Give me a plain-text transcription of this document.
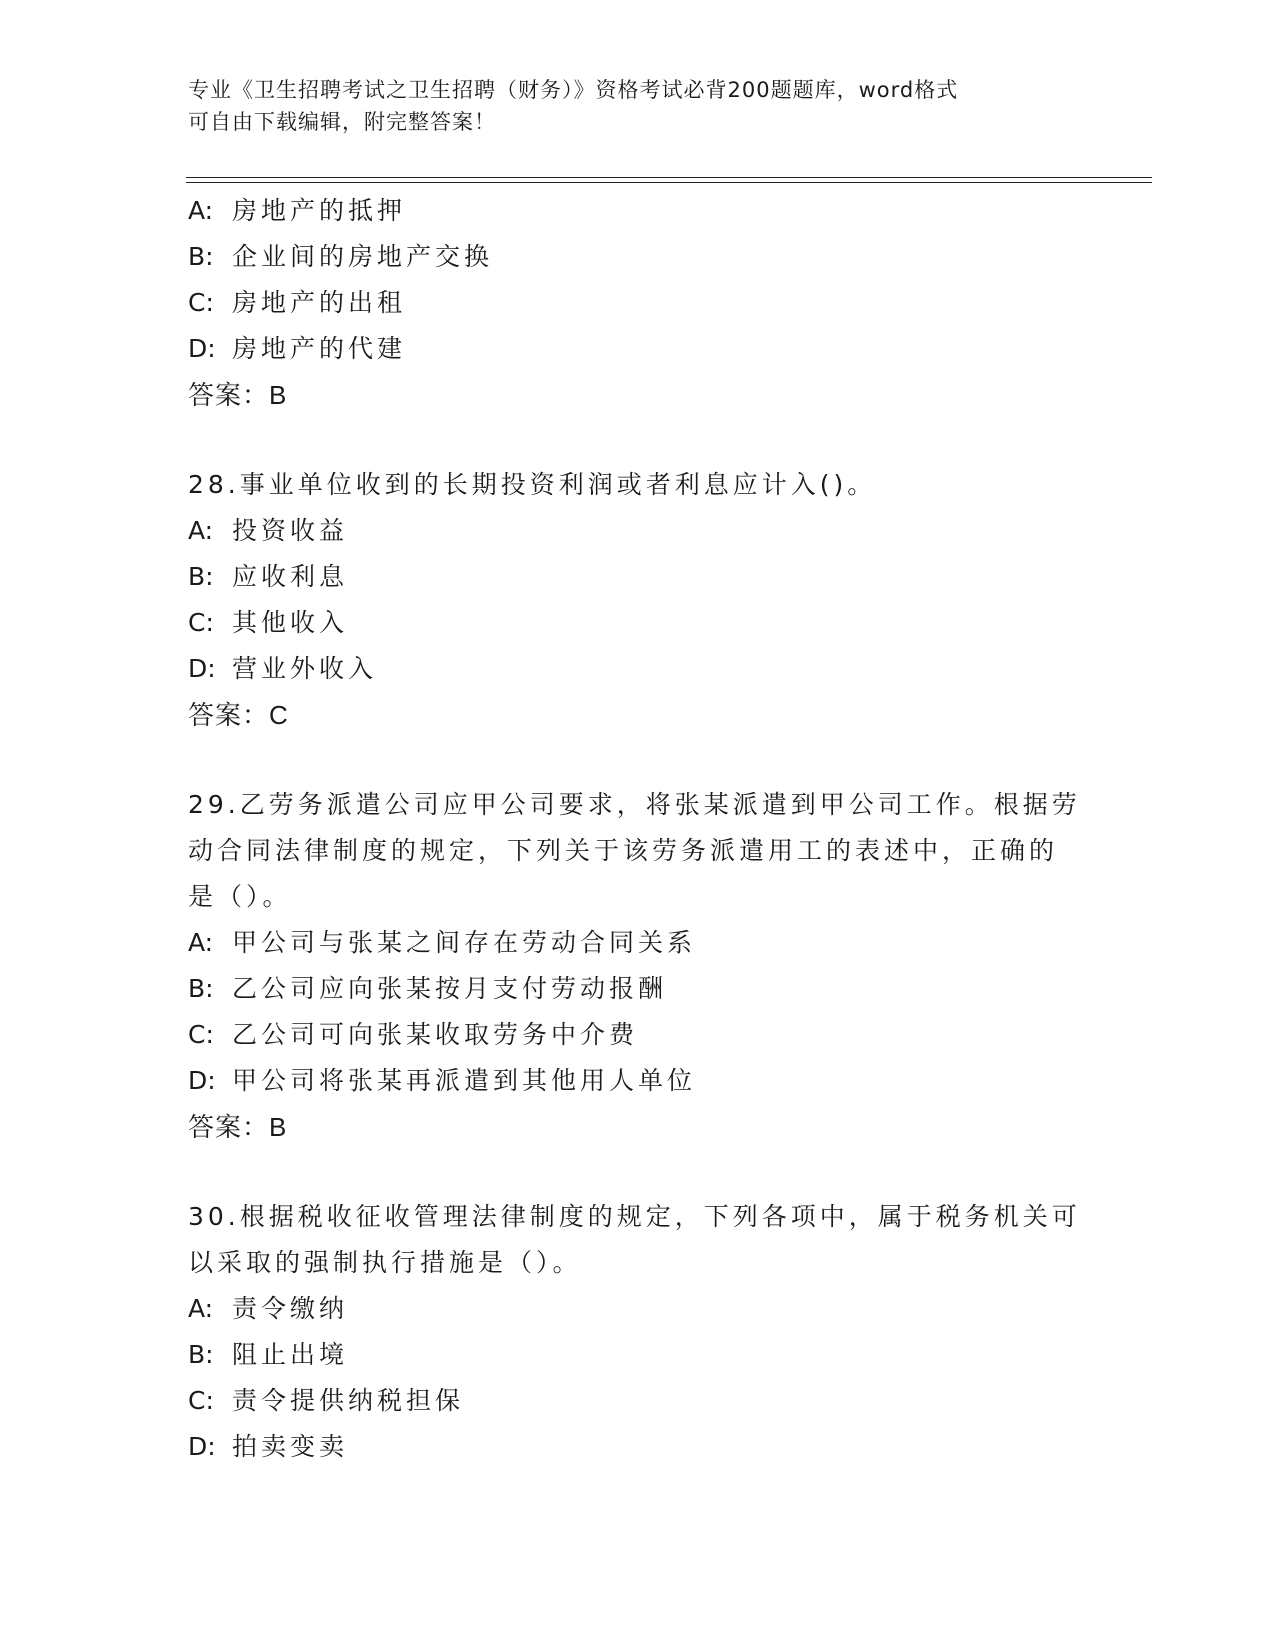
专业《卫生招聘考试之卫生招聘（财务）》资格考试必背200题题库，word格式
可自由下载编辑，附完整答案！
A: 房地产的抵押
B: 企业间的房地产交换
C: 房地产的出租
D: 房地产的代建
答案：B
28.事业单位收到的长期投资利润或者利息应计入()。
A: 投资收益
B: 应收利息
C: 其他收入
D: 营业外收入
答案：C
29.乙劳务派遣公司应甲公司要求，将张某派遣到甲公司工作。根据劳
动合同法律制度的规定，下列关于该劳务派遣用工的表述中，正确的
是（）。
A: 甲公司与张某之间存在劳动合同关系
B: 乙公司应向张某按月支付劳动报酬
C: 乙公司可向张某收取劳务中介费
D: 甲公司将张某再派遣到其他用人单位
答案：B
30.根据税收征收管理法律制度的规定，下列各项中，属于税务机关可
以采取的强制执行措施是（）。
A: 责令缴纳
B: 阻止出境
C: 责令提供纳税担保
D: 拍卖变卖
